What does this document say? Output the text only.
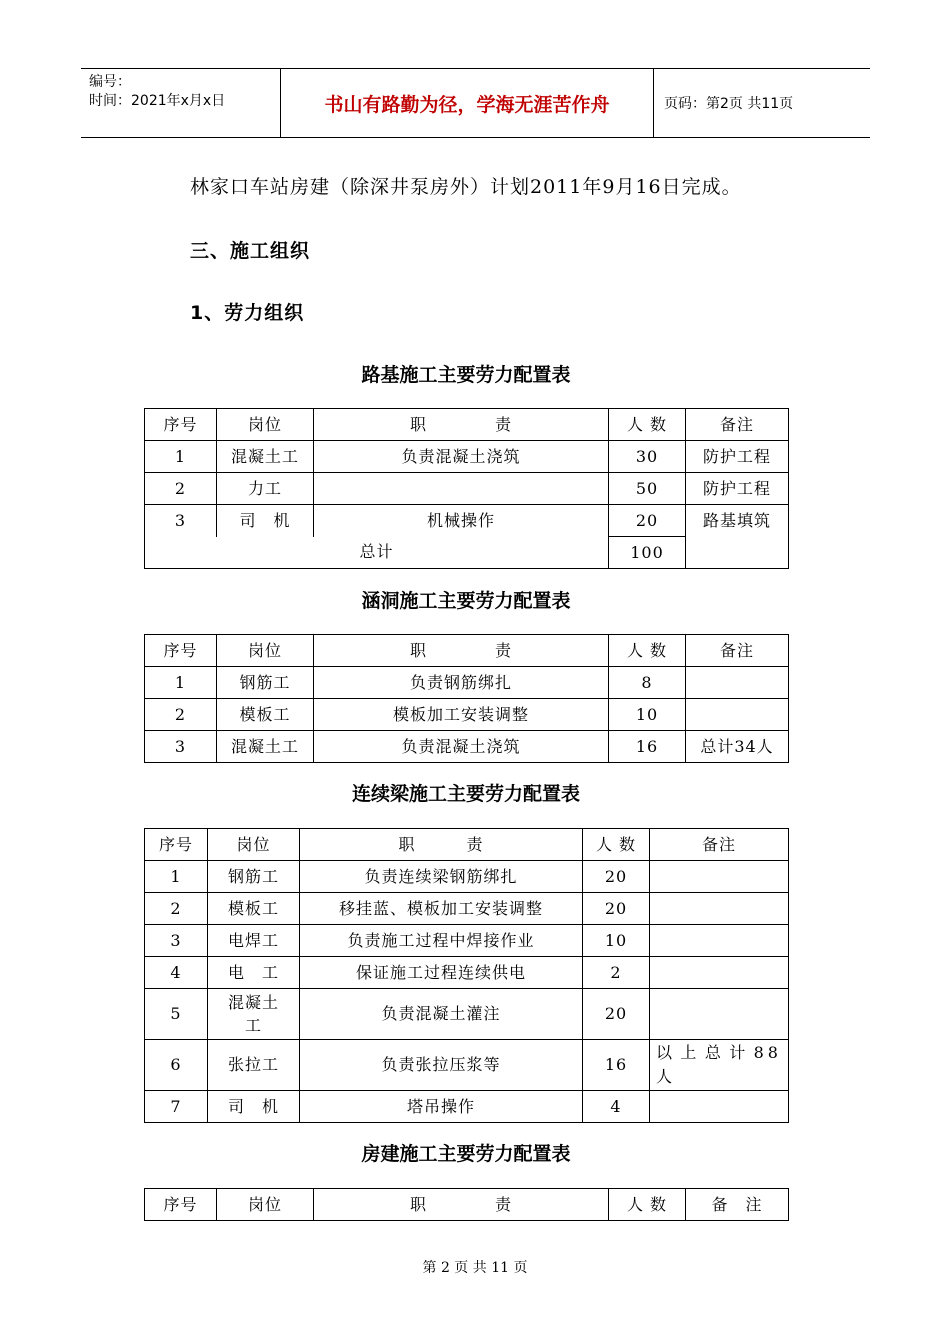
编号：
时间：2021年x月x日	书山有路勤为径，学海无涯苦作舟	页码：第2页 共11页
林家口车站房建（除深井泵房外）计划2011年9月16日完成。
三、施工组织
1、劳力组织
路基施工主要劳力配置表
序号	岗位	职　　　　责	人 数	备注
1	混凝土工	负责混凝土浇筑	30	防护工程
2	力工		50	防护工程
3	司　机	机械操作	20	路基填筑
总计			100	
涵洞施工主要劳力配置表
序号	岗位	职　　　　责	人 数	备注
1	钢筋工	负责钢筋绑扎	8	
2	模板工	模板加工安装调整	10	
3	混凝土工	负责混凝土浇筑	16	总计34人
连续梁施工主要劳力配置表
序号	岗位	职　　　责	人 数	备注
1	钢筋工	负责连续梁钢筋绑扎	20	
2	模板工	移挂蓝、模板加工安装调整	20	
3	电焊工	负责施工过程中焊接作业	10	
4	电　工	保证施工过程连续供电	2	
5	混凝土工	负责混凝土灌注	20	
6	张拉工	负责张拉压浆等	16	以上总计88人
7	司　机	塔吊操作	4	
房建施工主要劳力配置表
序号	岗位	职　　　　责	人 数	备　注
第 2 页 共 11 页
